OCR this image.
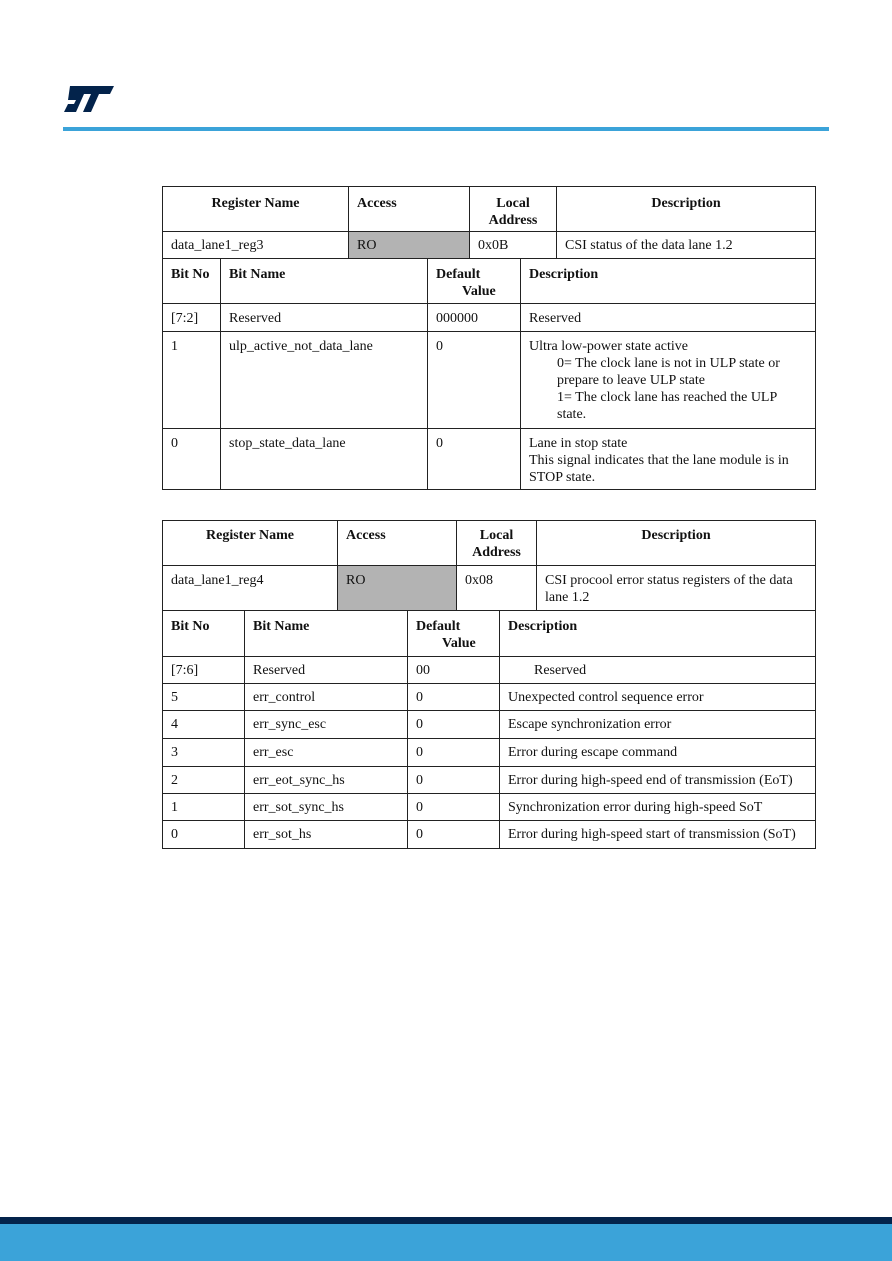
Register Name	Access	Local
Address	Description
data_lane1_reg3	RO	0x0B	CSI status of the data lane 1.2
Bit No	Bit Name	Default
Value	Description
[7:2]	Reserved	000000	Reserved
1	ulp_active_not_data_lane	0	Ultra low-power state active
0= The clock lane is not in ULP state or
prepare to leave ULP state
1= The clock lane has reached the ULP
state.

0	stop_state_data_lane	0	Lane in stop state
This signal indicates that the lane module is in
STOP state.
Register Name	Access	Local
Address	Description
data_lane1_reg4	RO	0x08	CSI procool error status registers of the data
lane 1.2
Bit No	Bit Name	Default
Value	Description
[7:6]	Reserved	00	Reserved
5	err_control	0	Unexpected control sequence error
4	err_sync_esc	0	Escape synchronization error
3	err_esc	0	Error during escape command
2	err_eot_sync_hs	0	Error during high-speed end of transmission (EoT)
1	err_sot_sync_hs	0	Synchronization error during high-speed SoT
0	err_sot_hs	0	Error during high-speed start of transmission (SoT)
